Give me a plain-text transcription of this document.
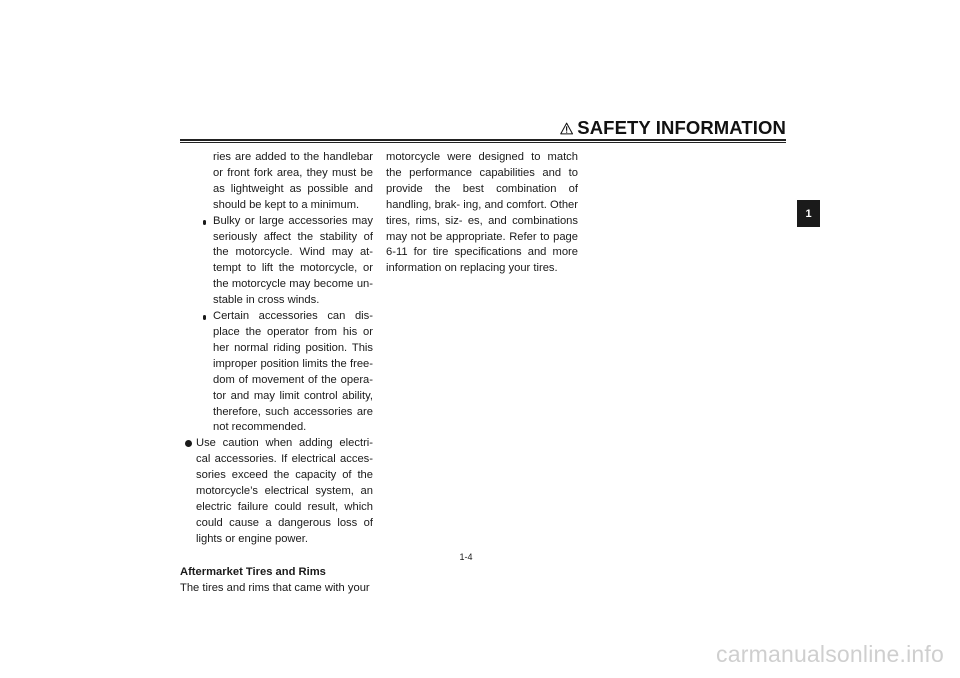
SAFETY INFORMATION
1
ries are added to the handlebar or front fork area, they must be as lightweight as possible and should be kept to a minimum.
Bulky or large accessories may seriously affect the stability of the motorcycle. Wind may at- tempt to lift the motorcycle, or the motorcycle may become un- stable in cross winds.
Certain accessories can dis- place the operator from his or her normal riding position. This improper position limits the free- dom of movement of the opera- tor and may limit control ability, therefore, such accessories are not recommended.
Use caution when adding electri- cal accessories. If electrical acces- sories exceed the capacity of the motorcycle’s electrical system, an electric failure could result, which could cause a dangerous loss of lights or engine power.
Aftermarket Tires and Rims
The tires and rims that came with your
motorcycle were designed to match the performance capabilities and to provide the best combination of handling, brak- ing, and comfort. Other tires, rims, siz- es, and combinations may not be appropriate. Refer to page 6-11 for tire specifications and more information on replacing your tires.
1-4
carmanualsonline.info
